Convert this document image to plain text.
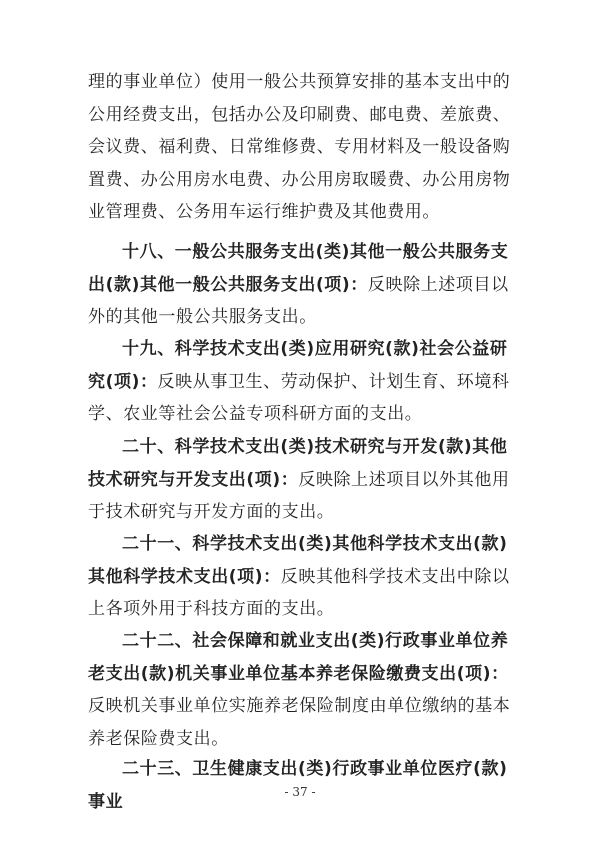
理的事业单位）使用一般公共预算安排的基本支出中的公用经费支出，包括办公及印刷费、邮电费、差旅费、会议费、福利费、日常维修费、专用材料及一般设备购置费、办公用房水电费、办公用房取暖费、办公用房物业管理费、公务用车运行维护费及其他费用。

十八、一般公共服务支出(类)其他一般公共服务支出(款)其他一般公共服务支出(项)：反映除上述项目以外的其他一般公共服务支出。

十九、科学技术支出(类)应用研究(款)社会公益研究(项)：反映从事卫生、劳动保护、计划生育、环境科学、农业等社会公益专项科研方面的支出。

二十、科学技术支出(类)技术研究与开发(款)其他技术研究与开发支出(项)：反映除上述项目以外其他用于技术研究与开发方面的支出。

二十一、科学技术支出(类)其他科学技术支出(款)其他科学技术支出(项)：反映其他科学技术支出中除以上各项外用于科技方面的支出。

二十二、社会保障和就业支出(类)行政事业单位养老支出(款)机关事业单位基本养老保险缴费支出(项)：反映机关事业单位实施养老保险制度由单位缴纳的基本养老保险费支出。

二十三、卫生健康支出(类)行政事业单位医疗(款)事业	- 37 -
